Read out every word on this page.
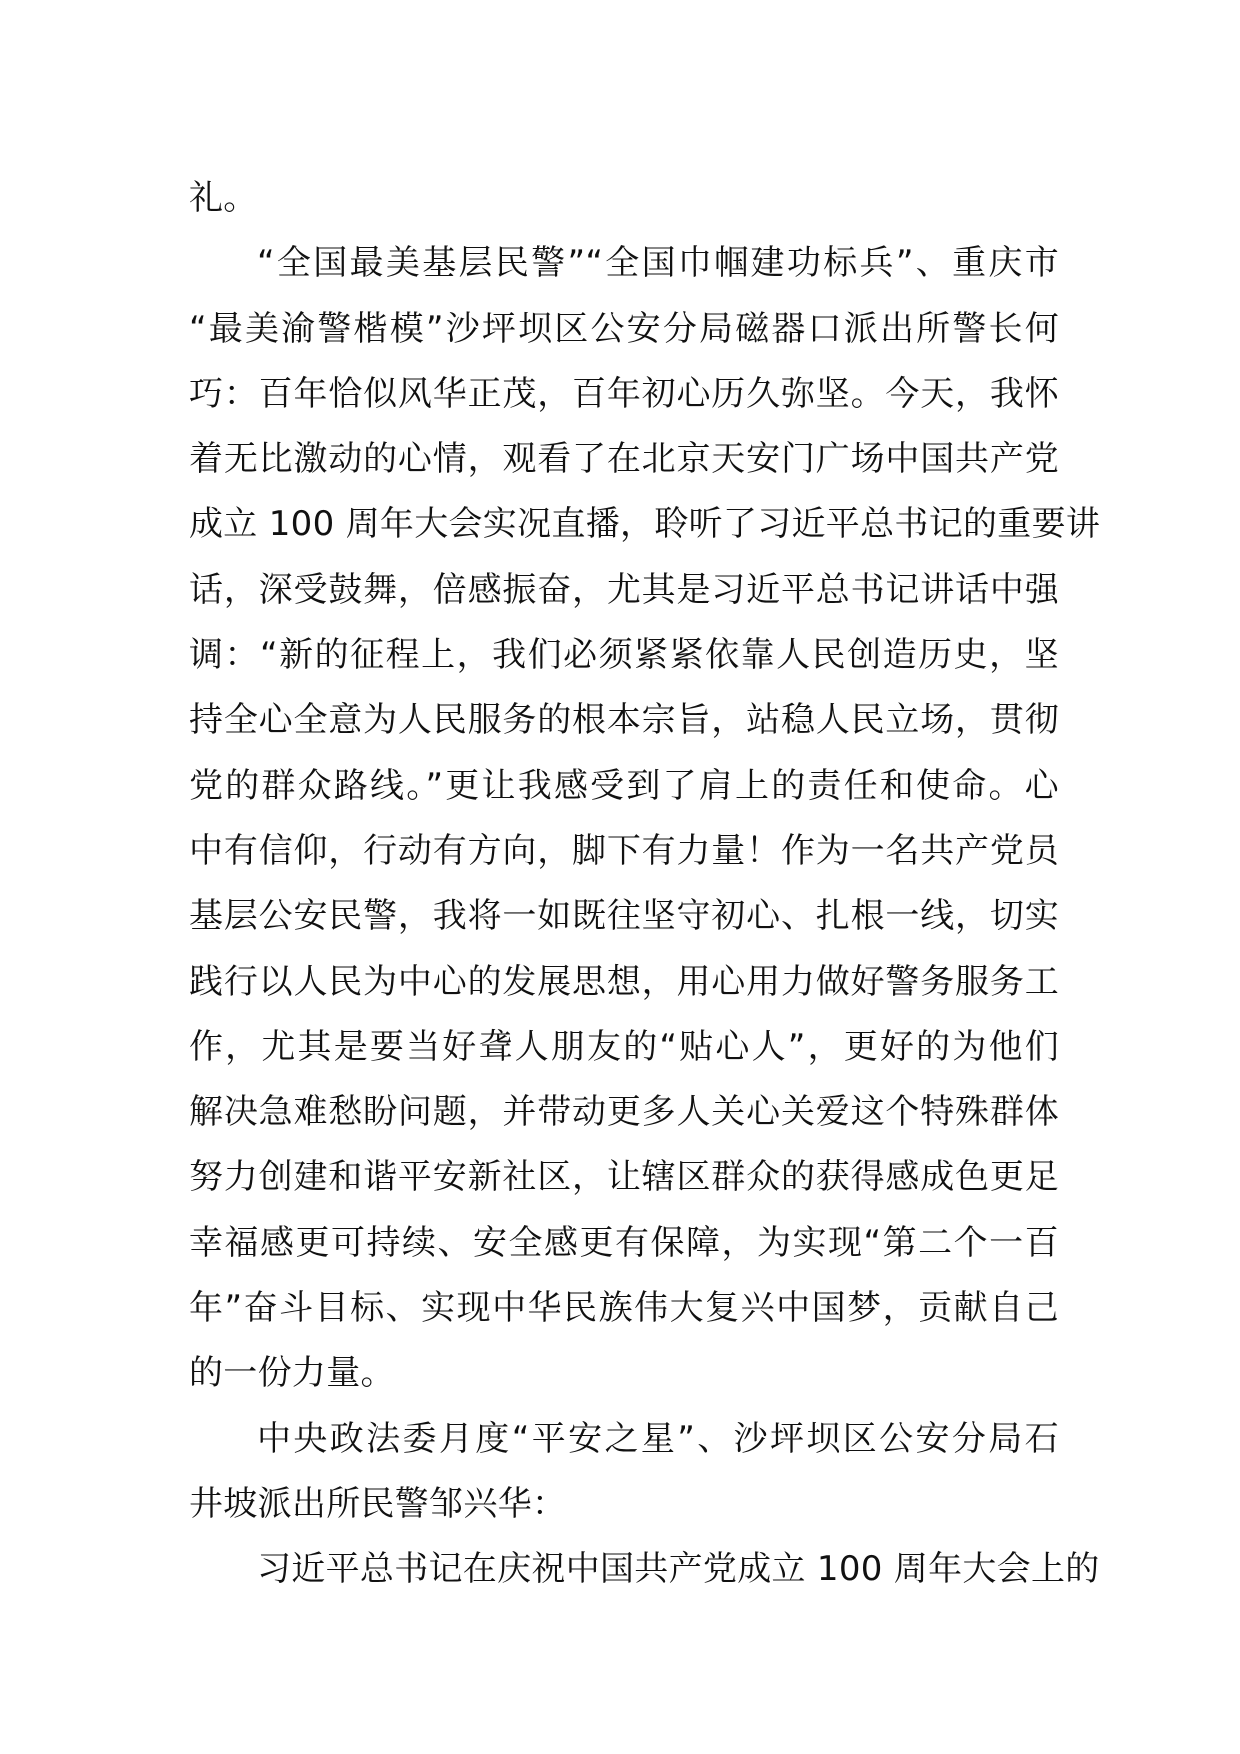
礼。
“全国最美基层民警”“全国巾帼建功标兵”、重庆市
“最美渝警楷模”沙坪坝区公安分局磁器口派出所警长何
巧：百年恰似风华正茂，百年初心历久弥坚。今天，我怀
着无比激动的心情，观看了在北京天安门广场中国共产党
成立 100 周年大会实况直播，聆听了习近平总书记的重要讲
话，深受鼓舞，倍感振奋，尤其是习近平总书记讲话中强
调：“新的征程上，我们必须紧紧依靠人民创造历史，坚
持全心全意为人民服务的根本宗旨，站稳人民立场，贯彻
党的群众路线。”更让我感受到了肩上的责任和使命。心
中有信仰，行动有方向，脚下有力量！作为一名共产党员
基层公安民警，我将一如既往坚守初心、扎根一线，切实
践行以人民为中心的发展思想，用心用力做好警务服务工
作，尤其是要当好聋人朋友的“贴心人”，更好的为他们
解决急难愁盼问题，并带动更多人关心关爱这个特殊群体
努力创建和谐平安新社区，让辖区群众的获得感成色更足
幸福感更可持续、安全感更有保障，为实现“第二个一百
年”奋斗目标、实现中华民族伟大复兴中国梦，贡献自己
的一份力量。
中央政法委月度“平安之星”、沙坪坝区公安分局石
井坡派出所民警邹兴华：
习近平总书记在庆祝中国共产党成立 100 周年大会上的
